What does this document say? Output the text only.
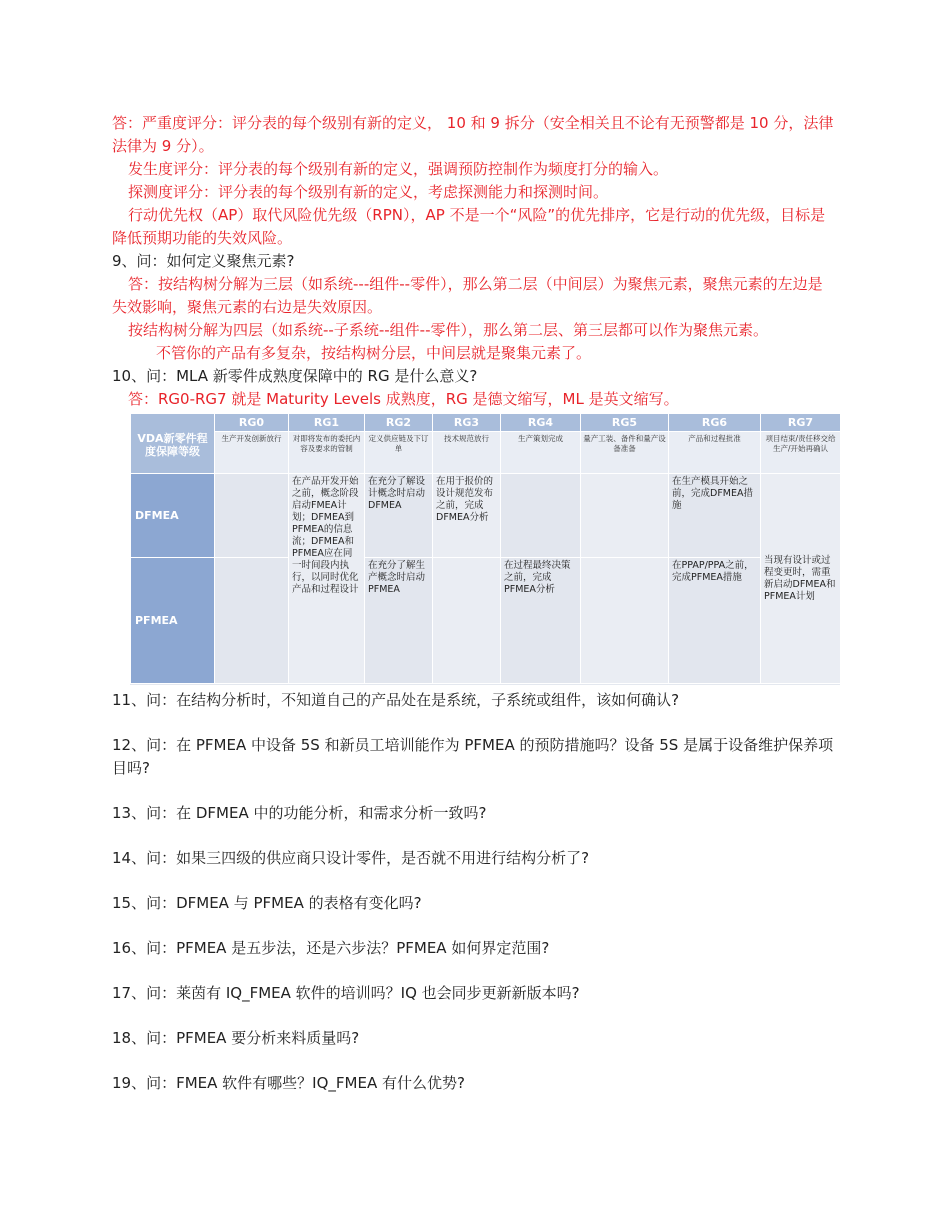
答：严重度评分：评分表的每个级别有新的定义， 10 和 9 拆分（安全相关且不论有无预警都是 10 分，法律法律为 9 分）。
发生度评分：评分表的每个级别有新的定义，强调预防控制作为频度打分的输入。
探测度评分：评分表的每个级别有新的定义，考虑探测能力和探测时间。
行动优先权（AP）取代风险优先级（RPN），AP 不是一个“风险”的优先排序，它是行动的优先级，目标是降低预期功能的失效风险。
9、问：如何定义聚焦元素?
答：按结构树分解为三层（如系统---组件--零件），那么第二层（中间层）为聚焦元素，聚焦元素的左边是失效影响，聚焦元素的右边是失效原因。
按结构树分解为四层（如系统--子系统--组件--零件），那么第二层、第三层都可以作为聚焦元素。
不管你的产品有多复杂，按结构树分层，中间层就是聚集元素了。
10、问：MLA 新零件成熟度保障中的 RG 是什么意义?
答：RG0-RG7 就是 Maturity Levels 成熟度，RG 是德文缩写，ML 是英文缩写。
VDA新零件程度保障等级	RG0	RG1	RG2	RG3	RG4	RG5	RG6	RG7
	生产开发创新放行	对即将发布的委托内容及要求的管制	定义供应链及下订单	技术规范放行	生产策划完成	量产工装、备件和量产设备准备	产品和过程批准	项目结束/责任移交给生产/开始再确认
DFMEA		在产品开发开始之前，概念阶段启动FMEA计划；DFMEA到PFMEA的信息流；DFMEA和PFMEA应在同一时间段内执行，以同时优化产品和过程设计	在充分了解设计概念时启动DFMEA	在用于报价的设计规范发布之前，完成DFMEA分析			在生产模具开始之前，完成DFMEA措施	当现有设计或过程变更时，需重新启动DFMEA和PFMEA计划
PFMEA			在充分了解生产概念时启动PFMEA		在过程最终决策之前，完成PFMEA分析		在PPAP/PPA之前，完成PFMEA措施	
11、问：在结构分析时，不知道自己的产品处在是系统，子系统或组件，该如何确认?
12、问：在 PFMEA 中设备 5S 和新员工培训能作为 PFMEA 的预防措施吗？设备 5S 是属于设备维护保养项目吗?
13、问：在 DFMEA 中的功能分析，和需求分析一致吗?
14、问：如果三四级的供应商只设计零件，是否就不用进行结构分析了?
15、问：DFMEA 与 PFMEA 的表格有变化吗?
16、问：PFMEA 是五步法，还是六步法？PFMEA 如何界定范围?
17、问：莱茵有 IQ_FMEA 软件的培训吗？IQ 也会同步更新新版本吗?
18、问：PFMEA 要分析来料质量吗?
19、问：FMEA 软件有哪些？IQ_FMEA 有什么优势?
